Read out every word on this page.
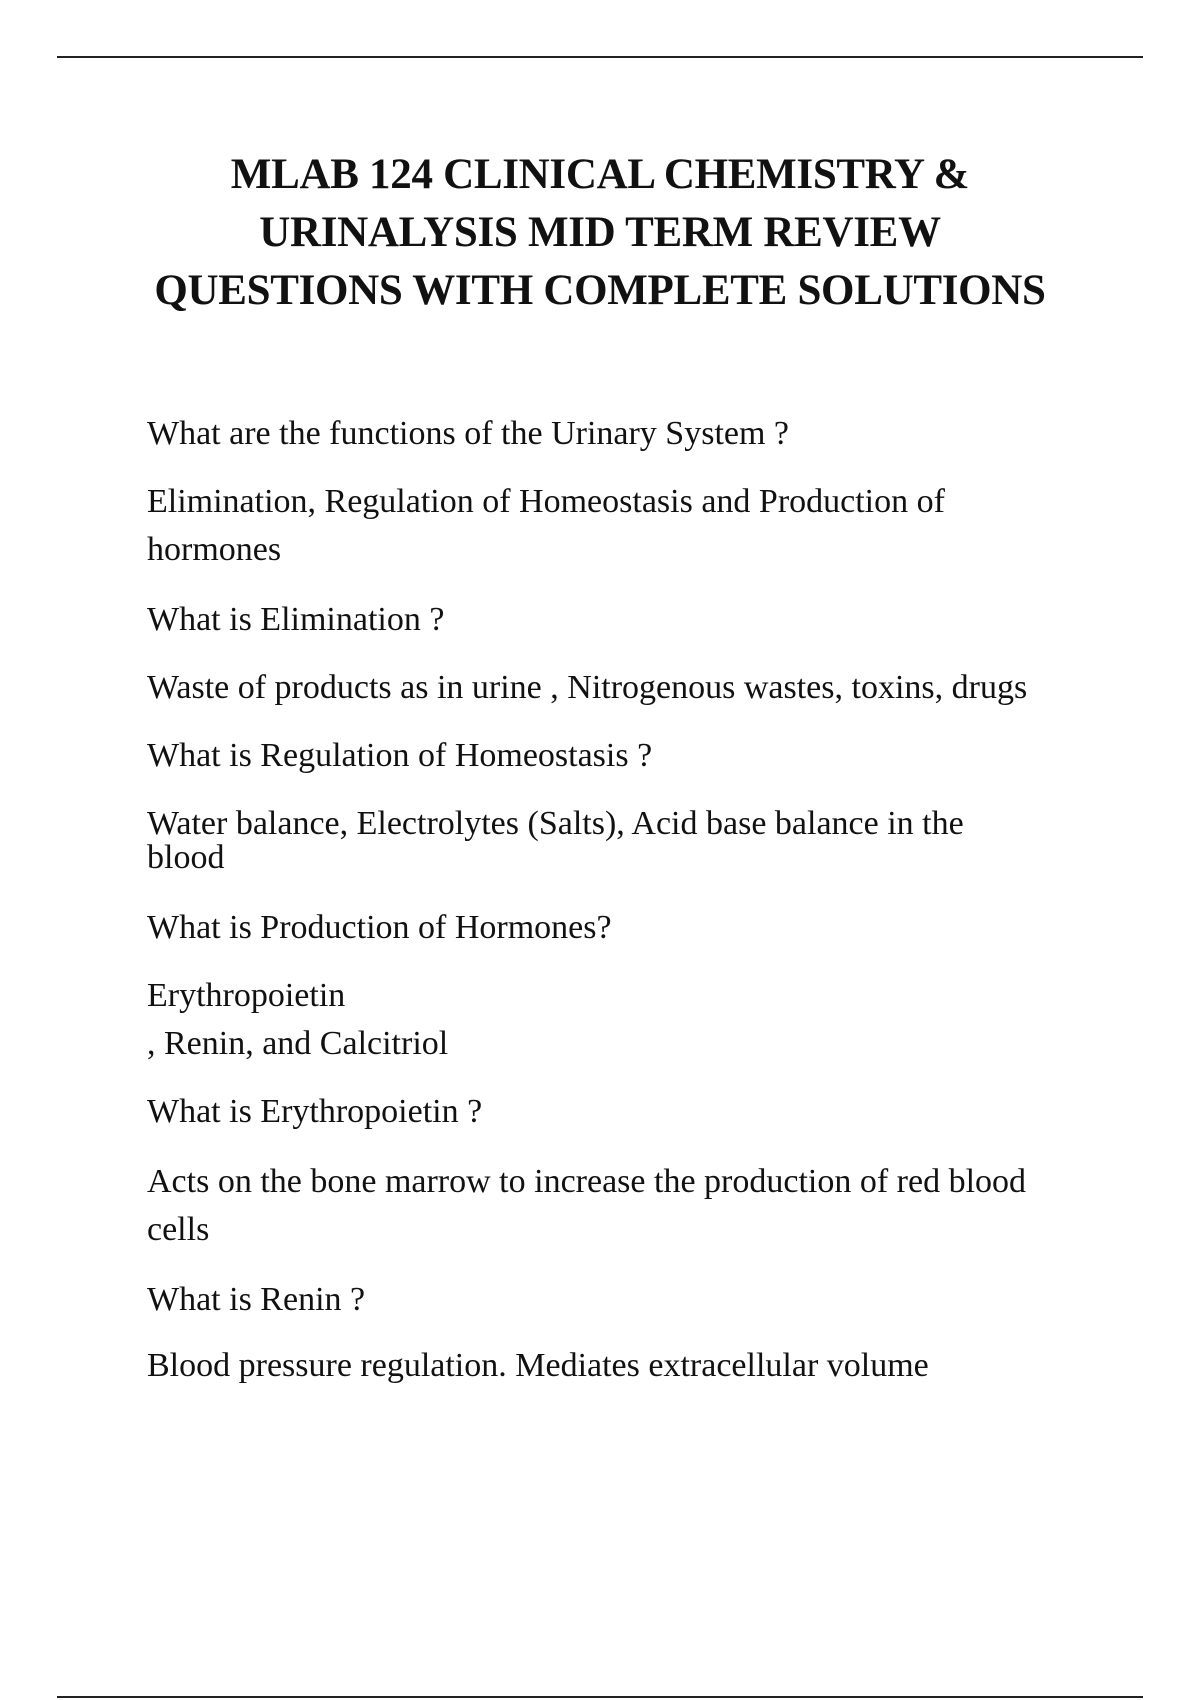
MLAB 124 CLINICAL CHEMISTRY &
URINALYSIS MID TERM REVIEW
QUESTIONS WITH COMPLETE SOLUTIONS
What are the functions of the Urinary System ?
Elimination, Regulation of Homeostasis and Production of
hormones
What is Elimination ?
Waste of products as in urine , Nitrogenous wastes, toxins, drugs
What is Regulation of Homeostasis ?
Water balance, Electrolytes (Salts), Acid base balance in the
blood
What is Production of Hormones?
Erythropoietin
, Renin, and Calcitriol
What is Erythropoietin ?
Acts on the bone marrow to increase the production of red blood
cells
What is Renin ?
Blood pressure regulation. Mediates extracellular volume
